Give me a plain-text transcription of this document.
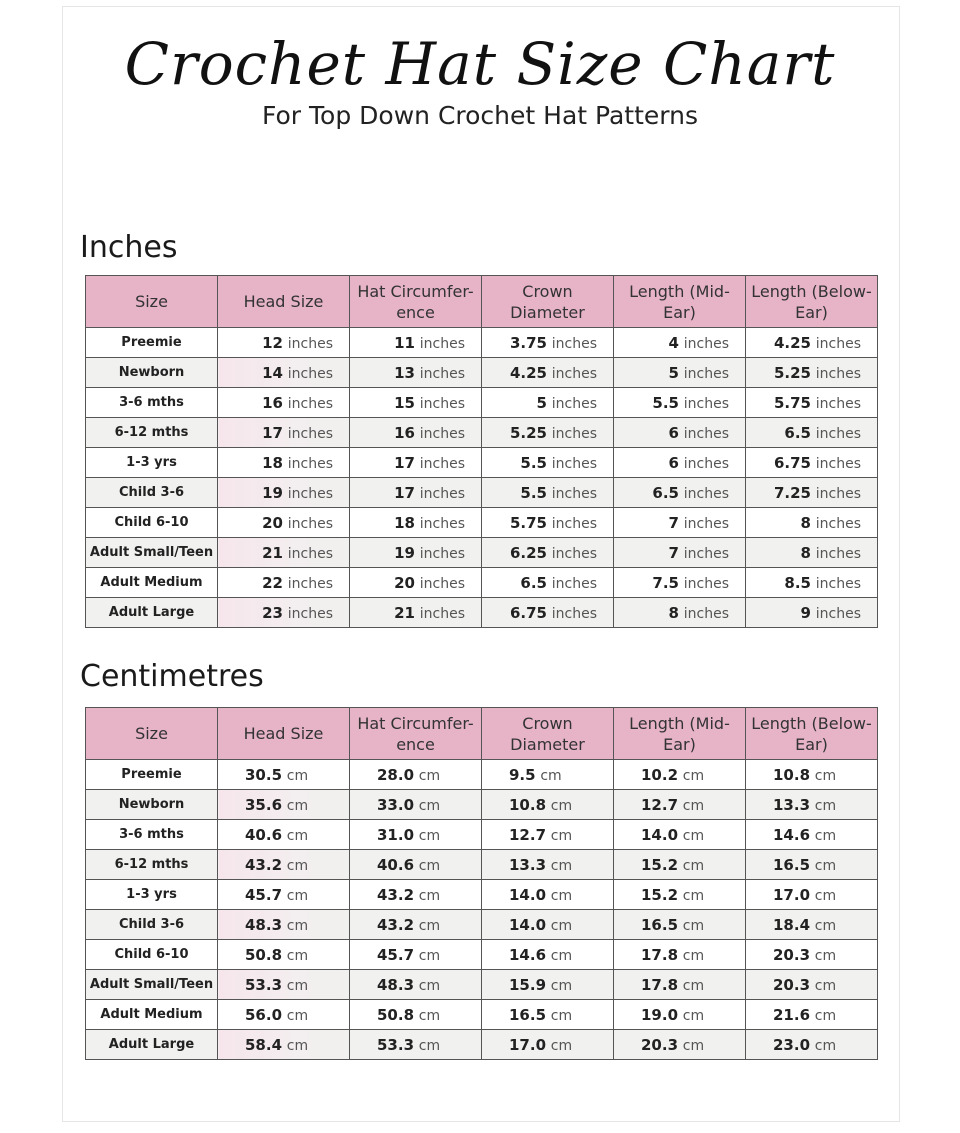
Crochet Hat Size Chart
For Top Down Crochet Hat Patterns
Inches
Size	Head Size	Hat Circumfer-ence	Crown Diameter	Length (Mid-Ear)	Length (Below-Ear)
Preemie	12 inches	11 inches	3.75 inches	4 inches	4.25 inches
Newborn	14 inches	13 inches	4.25 inches	5 inches	5.25 inches
3-6 mths	16 inches	15 inches	5 inches	5.5 inches	5.75 inches
6-12 mths	17 inches	16 inches	5.25 inches	6 inches	6.5 inches
1-3 yrs	18 inches	17 inches	5.5 inches	6 inches	6.75 inches
Child 3-6	19 inches	17 inches	5.5 inches	6.5 inches	7.25 inches
Child 6-10	20 inches	18 inches	5.75 inches	7 inches	8 inches
Adult Small/Teen	21 inches	19 inches	6.25 inches	7 inches	8 inches
Adult Medium	22 inches	20 inches	6.5 inches	7.5 inches	8.5 inches
Adult Large	23 inches	21 inches	6.75 inches	8 inches	9 inches
Centimetres
Size	Head Size	Hat Circumfer-ence	Crown Diameter	Length (Mid-Ear)	Length (Below-Ear)
Preemie	30.5 cm	28.0 cm	9.5 cm	10.2 cm	10.8 cm
Newborn	35.6 cm	33.0 cm	10.8 cm	12.7 cm	13.3 cm
3-6 mths	40.6 cm	31.0 cm	12.7 cm	14.0 cm	14.6 cm
6-12 mths	43.2 cm	40.6 cm	13.3 cm	15.2 cm	16.5 cm
1-3 yrs	45.7 cm	43.2 cm	14.0 cm	15.2 cm	17.0 cm
Child 3-6	48.3 cm	43.2 cm	14.0 cm	16.5 cm	18.4 cm
Child 6-10	50.8 cm	45.7 cm	14.6 cm	17.8 cm	20.3 cm
Adult Small/Teen	53.3 cm	48.3 cm	15.9 cm	17.8 cm	20.3 cm
Adult Medium	56.0 cm	50.8 cm	16.5 cm	19.0 cm	21.6 cm
Adult Large	58.4 cm	53.3 cm	17.0 cm	20.3 cm	23.0 cm
